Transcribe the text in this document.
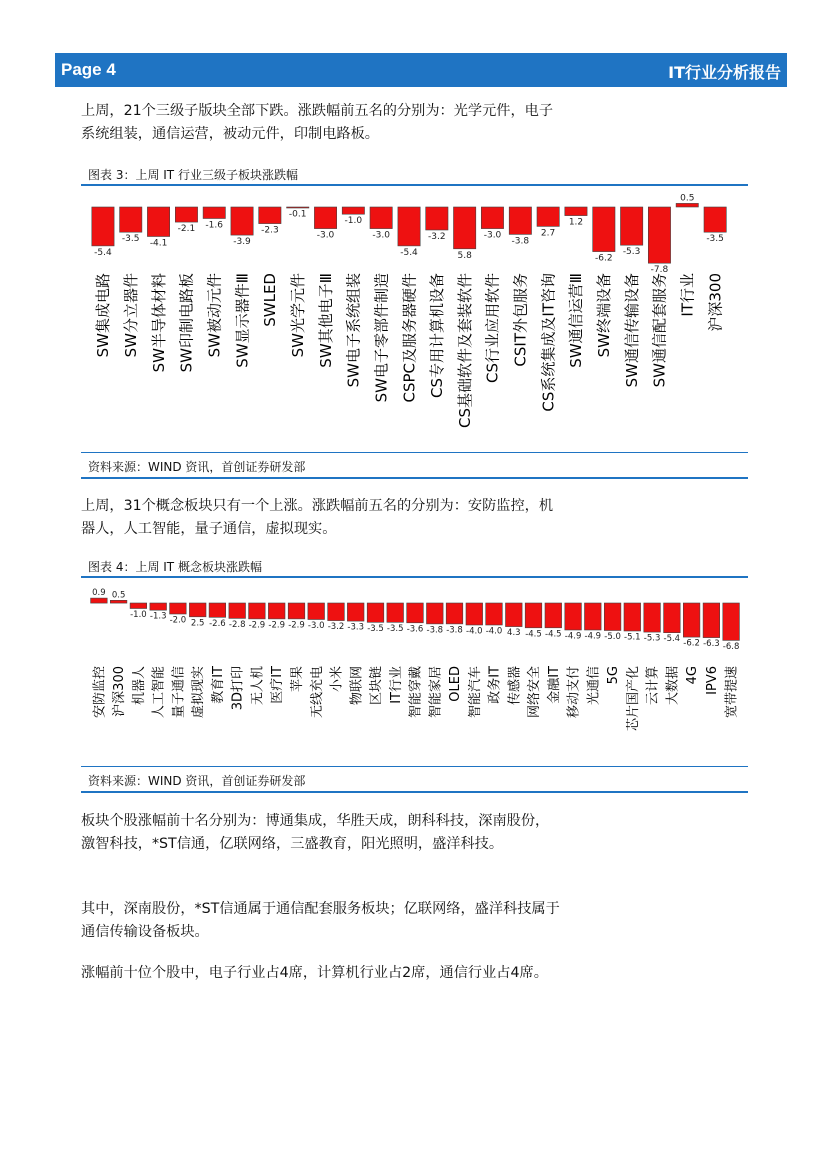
Page 4	IT行业分析报告
上周，21个三级子版块全部下跌。涨跌幅前五名的分别为：光学元件，电子系统组装，通信运营，被动元件，印制电路板。
图表 3：上周 IT 行业三级子板块涨跌幅
-5.4
SW集成电路
-3.5
SW分立器件
-4.1
SW半导体材料
-2.1
SW印制电路板
-1.6
SW被动元件
-3.9
SW显示器件Ⅲ
-2.3
SWLED
-0.1
SW光学元件
-3.0
SW其他电子Ⅲ
-1.0
SW电子系统组装
-3.0
SW电子零部件制造
-5.4
CSPC及服务器硬件
-3.2
CS专用计算机设备
5.8
CS基础软件及套装软件
-3.0
CS行业应用软件
-3.8
CSIT外包服务
2.7
CS系统集成及IT咨询
1.2
SW通信运营Ⅲ
-6.2
SW终端设备
-5.3
SW通信传输设备
-7.8
SW通信配套服务
0.5
IT行业
-3.5
沪深300
资料来源：WIND 资讯，首创证券研发部
上周，31个概念板块只有一个上涨。涨跌幅前五名的分别为：安防监控，机器人，人工智能，量子通信，虚拟现实。
图表 4：上周 IT 概念板块涨跌幅
0.9
安防监控
0.5
沪深300
-1.0
机器人
-1.3
人工智能
-2.0
量子通信
2.5
虚拟现实
-2.6
教育IT
-2.8
3D打印
-2.9
无人机
-2.9
医疗IT
-2.9
苹果
-3.0
无线充电
-3.2
小米
-3.3
物联网
-3.5
区块链
-3.5
IT行业
-3.6
智能穿戴
-3.8
智能家居
-3.8
OLED
-4.0
智能汽车
-4.0
政务IT
4.3
传感器
-4.5
网络安全
-4.5
金融IT
-4.9
移动支付
-4.9
光通信
-5.0
5G
-5.1
芯片国产化
-5.3
云计算
-5.4
大数据
-6.2
4G
-6.3
IPV6
-6.8
宽带提速
资料来源：WIND 资讯，首创证券研发部
板块个股涨幅前十名分别为：博通集成，华胜天成，朗科科技，深南股份，激智科技，*ST信通，亿联网络，三盛教育，阳光照明，盛洋科技。
其中，深南股份，*ST信通属于通信配套服务板块；亿联网络，盛洋科技属于通信传输设备板块。
涨幅前十位个股中，电子行业占4席，计算机行业占2席，通信行业占4席。
